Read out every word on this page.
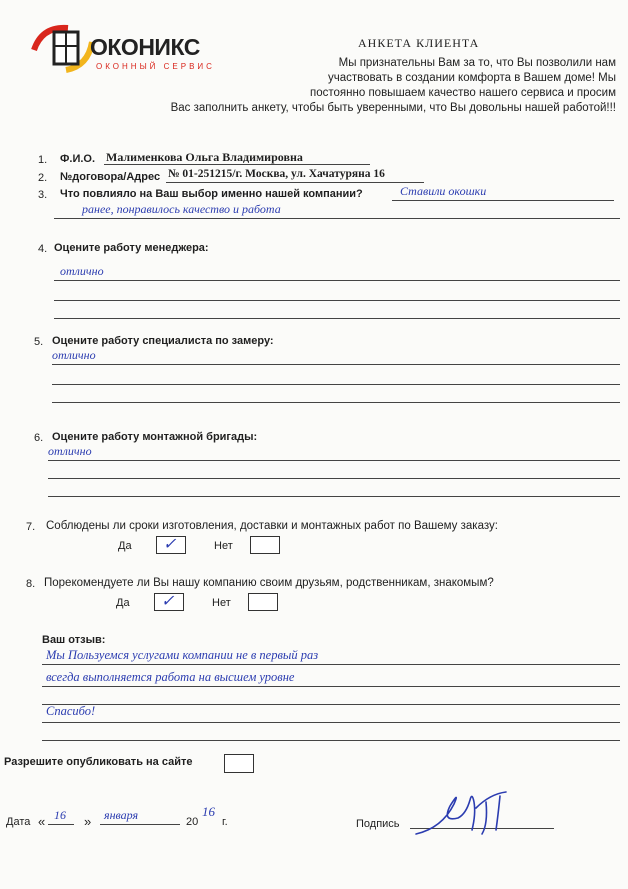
ОКОНИКС
ОКОННЫЙ СЕРВИС
АНКЕТА КЛИЕНТА
Мы признательны Вам за то, что Вы позволили нам
участвовать в создании комфорта в Вашем доме! Мы
постоянно повышаем качество нашего сервиса и просим
Вас заполнить анкету, чтобы быть уверенными, что Вы довольны нашей работой!!!
1. Ф.И.О. Малименкова Ольга Владимировна
2. №договора/Адрес № 01-251215/г. Москва, ул. Хачатуряна 16
3. Что повлияло на Ваш выбор именно нашей компании?	Ставили окошки
ранее, понравилось качество и работа
4. Оцените работу менеджера:
отлично
5. Оцените работу специалиста по замеру:
отлично
6. Оцените работу монтажной бригады:
отлично
7. Соблюдены ли сроки изготовления, доставки и монтажных работ по Вашему заказу:
Да ✓	Нет
8. Порекомендуете ли Вы нашу компанию своим друзьям, родственникам, знакомым?
Да ✓	Нет
Ваш отзыв:
Мы Пользуемся услугами компании не в первый раз
всегда выполняется работа на высшем уровне
Спасибо!
Разрешите опубликовать на сайте
Дата « 16 » января	20
16
г.	Подпись
